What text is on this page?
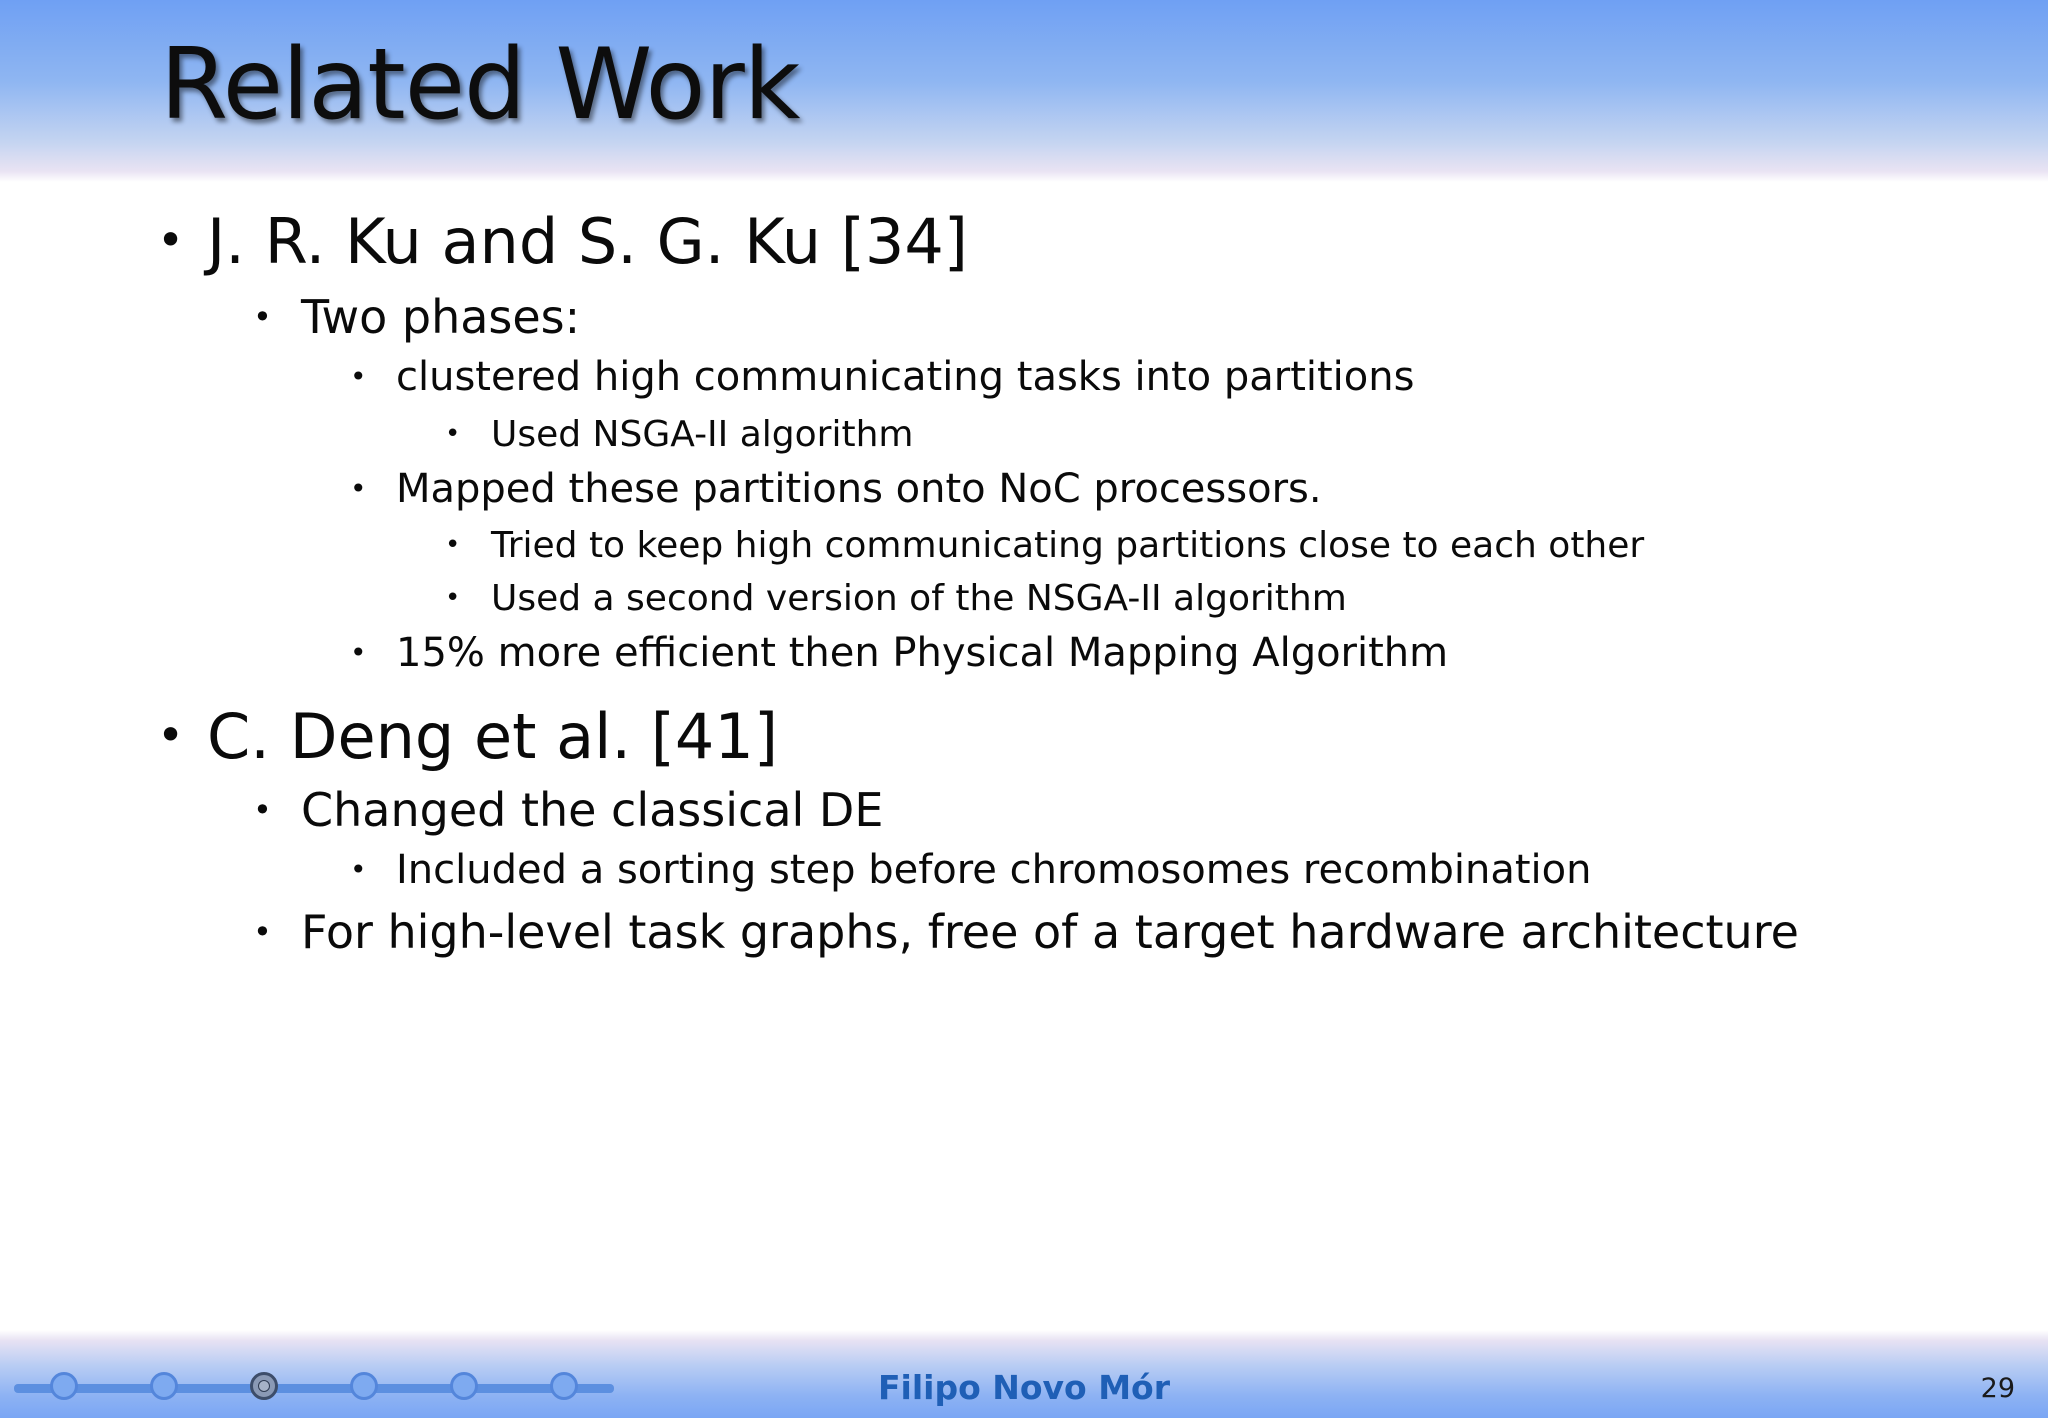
Related Work
• J. R. Ku and S. G. Ku [34]
• Two phases:
• clustered high communicating tasks into partitions
• Used NSGA-II algorithm
• Mapped these partitions onto NoC processors.
• Tried to keep high communicating partitions close to each other
• Used a second version of the NSGA-II algorithm
• 15% more efficient then Physical Mapping Algorithm
• C. Deng et al. [41]
• Changed the classical DE
• Included a sorting step before chromosomes recombination
• For high-level task graphs, free of a target hardware architecture
Filipo Novo Mór	29
